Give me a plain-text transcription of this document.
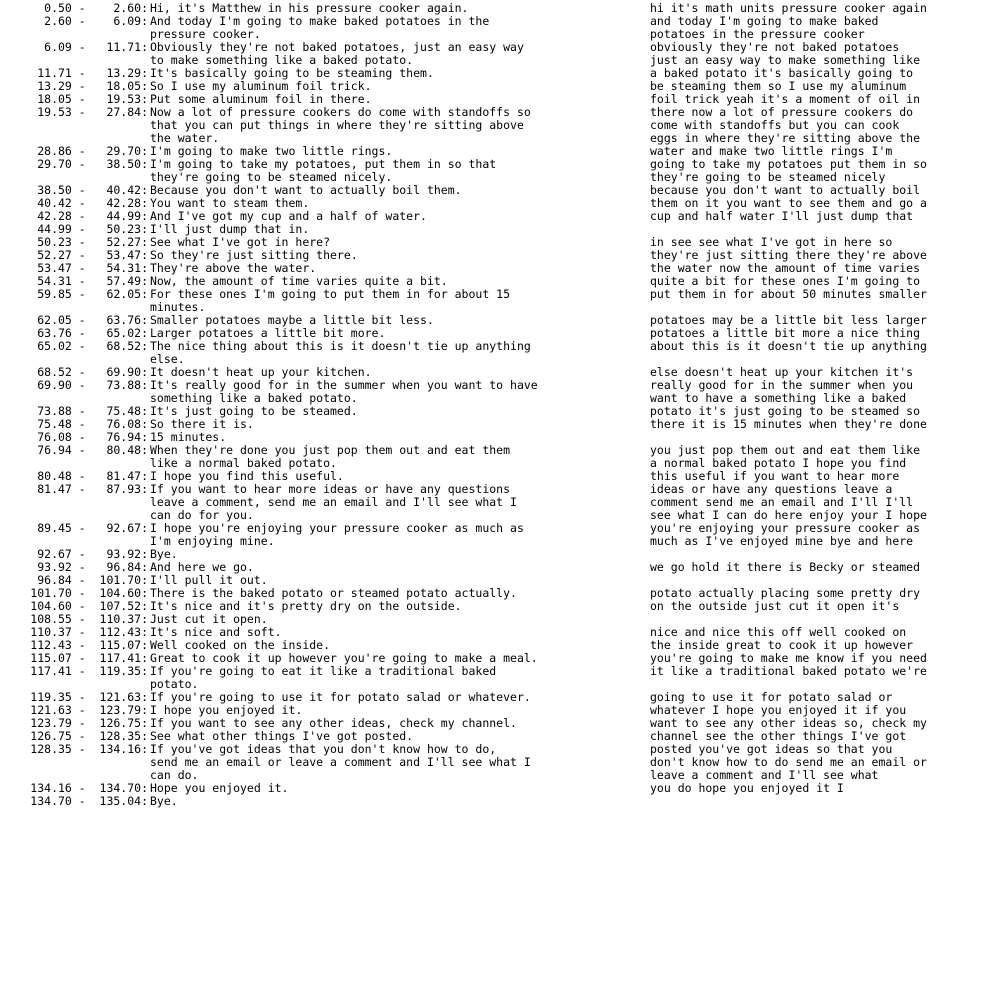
0.50 -    2.60: Hi, it's Matthew in his pressure cooker again.	hi it's math units pressure cooker again
2.60 -    6.09: And today I'm going to make baked potatoes in the	and today I'm going to make baked
pressure cooker.	potatoes in the pressure cooker
6.09 -   11.71: Obviously they're not baked potatoes, just an easy way	obviously they're not baked potatoes
to make something like a baked potato.	just an easy way to make something like
11.71 -   13.29: It's basically going to be steaming them.	a baked potato it's basically going to
13.29 -   18.05: So I use my aluminum foil trick.	be steaming them so I use my aluminum
18.05 -   19.53: Put some aluminum foil in there.	foil trick yeah it's a moment of oil in
19.53 -   27.84: Now a lot of pressure cookers do come with standoffs so	there now a lot of pressure cookers do
that you can put things in where they're sitting above	come with standoffs but you can cook
the water.	eggs in where they're sitting above the
28.86 -   29.70: I'm going to make two little rings.	water and make two little rings I'm
29.70 -   38.50: I'm going to take my potatoes, put them in so that	going to take my potatoes put them in so
they're going to be steamed nicely.	they're going to be steamed nicely
38.50 -   40.42: Because you don't want to actually boil them.	because you don't want to actually boil
40.42 -   42.28: You want to steam them.	them on it you want to see them and go a
42.28 -   44.99: And I've got my cup and a half of water.	cup and half water I'll just dump that
44.99 -   50.23: I'll just dump that in.
50.23 -   52.27: See what I've got in here?	in see see what I've got in here so
52.27 -   53.47: So they're just sitting there.	they're just sitting there they're above
53.47 -   54.31: They're above the water.	the water now the amount of time varies
54.31 -   57.49: Now, the amount of time varies quite a bit.	quite a bit for these ones I'm going to
59.85 -   62.05: For these ones I'm going to put them in for about 15	put them in for about 50 minutes smaller
minutes.
62.05 -   63.76: Smaller potatoes maybe a little bit less.	potatoes may be a little bit less larger
63.76 -   65.02: Larger potatoes a little bit more.	potatoes a little bit more a nice thing
65.02 -   68.52: The nice thing about this is it doesn't tie up anything	about this is it doesn't tie up anything
else.
68.52 -   69.90: It doesn't heat up your kitchen.	else doesn't heat up your kitchen it's
69.90 -   73.88: It's really good for in the summer when you want to have	really good for in the summer when you
something like a baked potato.	want to have a something like a baked
73.88 -   75.48: It's just going to be steamed.	potato it's just going to be steamed so
75.48 -   76.08: So there it is.	there it is 15 minutes when they're done
76.08 -   76.94: 15 minutes.
76.94 -   80.48: When they're done you just pop them out and eat them	you just pop them out and eat them like
like a normal baked potato.	a normal baked potato I hope you find
80.48 -   81.47: I hope you find this useful.	this useful if you want to hear more
81.47 -   87.93: If you want to hear more ideas or have any questions	ideas or have any questions leave a
leave a comment, send me an email and I'll see what I	comment send me an email and I'll I'll
can do for you.	see what I can do here enjoy your I hope
89.45 -   92.67: I hope you're enjoying your pressure cooker as much as	you're enjoying your pressure cooker as
I'm enjoying mine.	much as I've enjoyed mine bye and here
92.67 -   93.92: Bye.
93.92 -   96.84: And here we go.	we go hold it there is Becky or steamed
96.84 -  101.70: I'll pull it out.
101.70 -  104.60: There is the baked potato or steamed potato actually.	potato actually placing some pretty dry
104.60 -  107.52: It's nice and it's pretty dry on the outside.	on the outside just cut it open it's
108.55 -  110.37: Just cut it open.
110.37 -  112.43: It's nice and soft.	nice and nice this off well cooked on
112.43 -  115.07: Well cooked on the inside.	the inside great to cook it up however
115.07 -  117.41: Great to cook it up however you're going to make a meal.	you're going to make me know if you need
117.41 -  119.35: If you're going to eat it like a traditional baked	it like a traditional baked potato we're
potato.
119.35 -  121.63: If you're going to use it for potato salad or whatever.	going to use it for potato salad or
121.63 -  123.79: I hope you enjoyed it.	whatever I hope you enjoyed it if you
123.79 -  126.75: If you want to see any other ideas, check my channel.	want to see any other ideas so, check my
126.75 -  128.35: See what other things I've got posted.	channel see the other things I've got
128.35 -  134.16: If you've got ideas that you don't know how to do,	posted you've got ideas so that you
send me an email or leave a comment and I'll see what I	don't know how to do send me an email or
can do.	leave a comment and I'll see what
134.16 -  134.70: Hope you enjoyed it.	you do hope you enjoyed it I
134.70 -  135.04: Bye.
